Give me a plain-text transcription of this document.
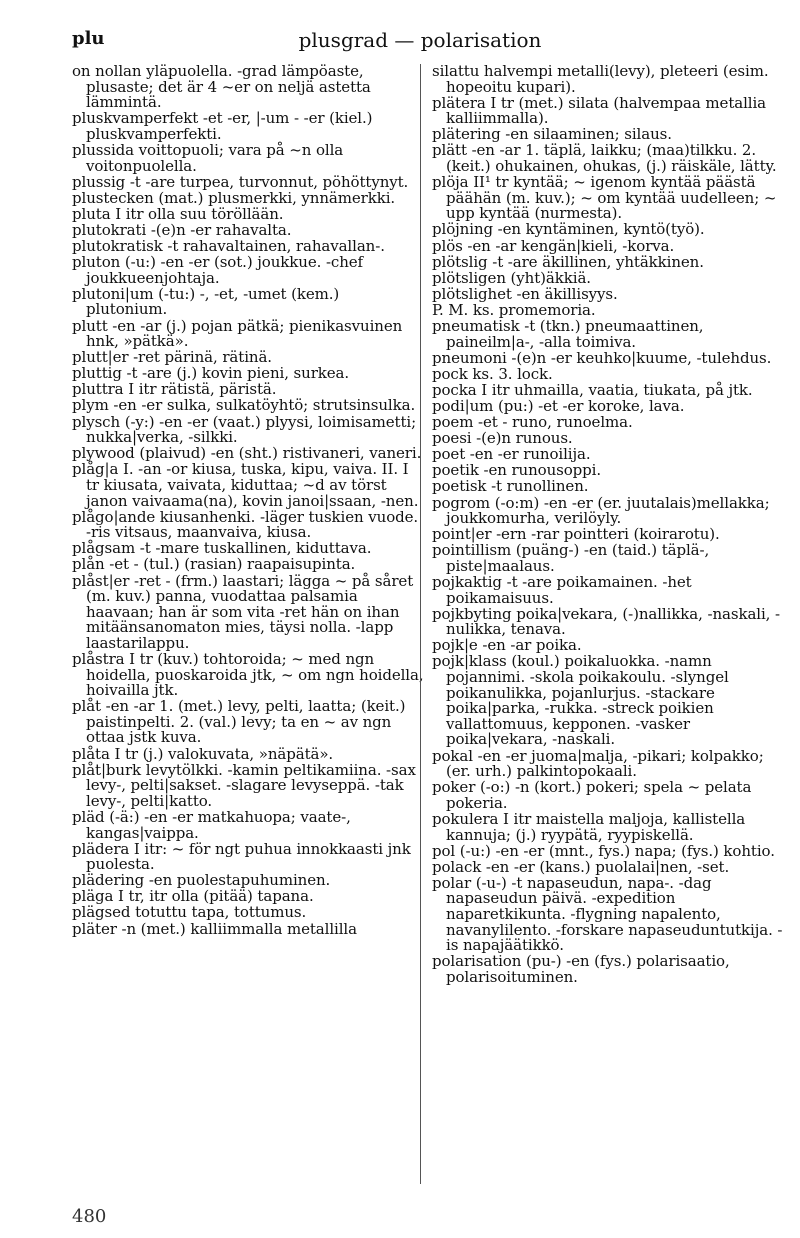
plu	plusgrad — polarisation

on nollan yläpuolella. -grad lämpöaste, plusaste; det är 4 ~er on neljä astetta lämmintä.

pluskvamperfekt -et -er, |-um - -er (kiel.) pluskvamperfekti.

plussida voittopuoli; vara på ~n olla voitonpuolella.

plussig -t -are turpea, turvonnut, pöhöttynyt.

plustecken (mat.) plusmerkki, ynnämerkki.

pluta I itr olla suu töröllään.

plutokrati -(e)n -er rahavalta.

plutokratisk -t rahavaltainen, rahavallan-.

pluton (-u:) -en -er (sot.) joukkue. -chef joukkueenjohtaja.

plutoni|um (-tu:) -, -et, -umet (kem.) plutonium.

plutt -en -ar (j.) pojan pätkä; pienikasvuinen hnk, »pätkä».

plutt|er -ret pärinä, rätinä.

pluttig -t -are (j.) kovin pieni, surkea.

pluttra I itr rätistä, päristä.

plym -en -er sulka, sulkatöyhtö; strutsinsulka.

plysch (-y:) -en -er (vaat.) plyysi, loimisametti; nukka|verka, -silkki.

plywood (plaivud) -en (sht.) ristivaneri, vaneri.

plåg|a I. -an -or kiusa, tuska, kipu, vaiva. II. I tr kiusata, vaivata, kiduttaa; ~d av törst janon vaivaama(na), kovin janoi|ssaan, -nen.

plågo|ande kiusanhenki. -läger tuskien vuode. -ris vitsaus, maanvaiva, kiusa.

plågsam -t -mare tuskallinen, kiduttava.

plån -et - (tul.) (rasian) raapaisupinta.

plåst|er -ret - (frm.) laastari; lägga ~ på såret (m. kuv.) panna, vuodattaa palsamia haavaan; han är som vita -ret hän on ihan mitäänsanomaton mies, täysi nolla. -lapp laastarilappu.

plåstra I tr (kuv.) tohtoroida; ~ med ngn hoidella, puoskaroida jtk, ~ om ngn hoidella, hoivailla jtk.

plåt -en -ar 1. (met.) levy, pelti, laatta; (keit.) paistinpelti. 2. (val.) levy; ta en ~ av ngn ottaa jstk kuva.

plåta I tr (j.) valokuvata, »näpätä».

plåt|burk levytölkki. -kamin peltikamiina. -sax levy-, pelti|sakset. -slagare levyseppä. -tak levy-, pelti|katto.

pläd (-ä:) -en -er matkahuopa; vaate-, kangas|vaippa.

plädera I itr: ~ för ngt puhua innokkaasti jnk puolesta.

plädering -en puolestapuhuminen.

pläga I tr, itr olla (pitää) tapana.

plägsed totuttu tapa, tottumus.

pläter -n (met.) kalliimmalla metallilla

silattu halvempi metalli(levy), pleteeri (esim. hopeoitu kupari).

plätera I tr (met.) silata (halvempaa metallia kalliimmalla).

plätering -en silaaminen; silaus.

plätt -en -ar 1. täplä, laikku; (maa)tilkku. 2. (keit.) ohukainen, ohukas, (j.) räiskäle, lätty.

plöja II¹ tr kyntää; ~ igenom kyntää päästä päähän (m. kuv.); ~ om kyntää uudelleen; ~ upp kyntää (nurmesta).

plöjning -en kyntäminen, kyntö(työ).

plös -en -ar kengän|kieli, -korva.

plötslig -t -are äkillinen, yhtäkkinen.

plötsligen (yht)äkkiä.

plötslighet -en äkillisyys.

P. M. ks. promemoria.

pneumatisk -t (tkn.) pneumaattinen, paineilm|a-, -alla toimiva.

pneumoni -(e)n -er keuhko|kuume, -tulehdus.

pock ks. 3. lock.

pocka I itr uhmailla, vaatia, tiukata, på jtk.

podi|um (pu:) -et -er koroke, lava.

poem -et - runo, runoelma.

poesi -(e)n runous.

poet -en -er runoilija.

poetik -en runousoppi.

poetisk -t runollinen.

pogrom (-o:m) -en -er (er. juutalais)mellakka; joukkomurha, verilöyly.

point|er -ern -rar pointteri (koirarotu).

pointillism (puäng-) -en (taid.) täplä-, piste|maalaus.

pojkaktig -t -are poikamainen. -het poikamaisuus.

pojkbyting poika|vekara, (-)nallikka, -naskali, -nulikka, tenava.

pojk|e -en -ar poika.

pojk|klass (koul.) poikaluokka. -namn pojannimi. -skola poikakoulu. -slyngel poikanulikka, pojanlurjus. -stackare poika|parka, -rukka. -streck poikien vallattomuus, kepponen. -vasker poika|vekara, -naskali.

pokal -en -er juoma|malja, -pikari; kolpakko; (er. urh.) palkintopokaali.

poker (-o:) -n (kort.) pokeri; spela ~ pelata pokeria.

pokulera I itr maistella maljoja, kallistella kannuja; (j.) ryypätä, ryypiskellä.

pol (-u:) -en -er (mnt., fys.) napa; (fys.) kohtio.

polack -en -er (kans.) puolalai|nen, -set.

polar (-u-) -t napaseudun, napa-. -dag napaseudun päivä. -expedition naparetkikunta. -flygning napalento, navanylilento. -forskare napaseuduntutkija. -is napajäätikkö.

polarisation (pu-) -en (fys.) polarisaatio, polarisoituminen.

480
